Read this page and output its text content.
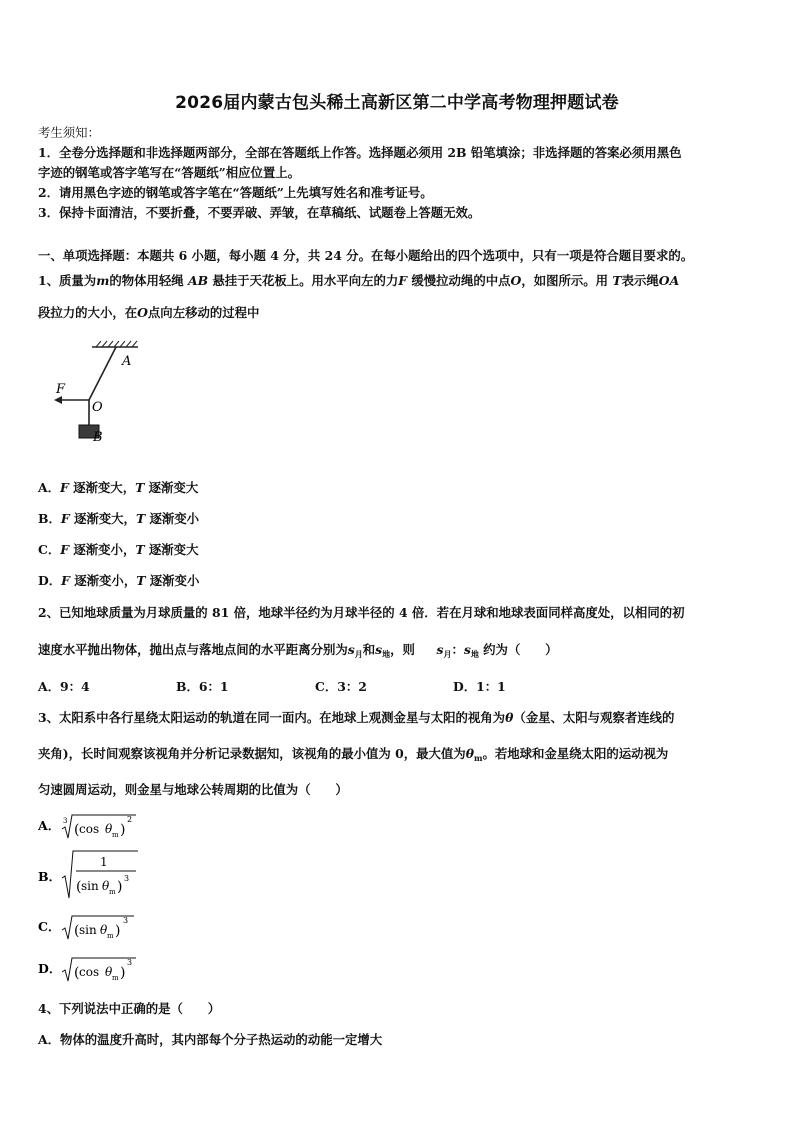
2026届内蒙古包头稀土高新区第二中学高考物理押题试卷
考生须知：
1．全卷分选择题和非选择题两部分，全部在答题纸上作答。选择题必须用 2B 铅笔填涂；非选择题的答案必须用黑色
字迹的钢笔或答字笔写在“答题纸”相应位置上。
2．请用黑色字迹的钢笔或答字笔在“答题纸”上先填写姓名和准考证号。
3．保持卡面清洁，不要折叠，不要弄破、弄皱，在草稿纸、试题卷上答题无效。
一、单项选择题：本题共 6 小题，每小题 4 分，共 24 分。在每小题给出的四个选项中，只有一项是符合题目要求的。
1、质量为m的物体用轻绳 AB 悬挂于天花板上。用水平向左的力F 缓慢拉动绳的中点O，如图所示。用 T表示绳OA
段拉力的大小，在O点向左移动的过程中
A
F
O
B
A．F 逐渐变大，T 逐渐变大
B．F 逐渐变大，T 逐渐变小
C．F 逐渐变小，T 逐渐变大
D．F 逐渐变小，T 逐渐变小
2、已知地球质量为月球质量的 81 倍，地球半径约为月球半径的 4 倍．若在月球和地球表面同样高度处，以相同的初
速度水平抛出物体，抛出点与落地点间的水平距离分别为$s_月$和$s_地$，则 $s_月$：$s_地$ 约为（　　）
A．9：4	B．6：1	C．3：2	D．1：1
3、太阳系中各行星绕太阳运动的轨道在同一面内。在地球上观测金星与太阳的视角为θ（金星、太阳与观察者连线的
夹角)，长时间观察该视角并分析记录数据知，该视角的最小值为 0，最大值为$\theta_m$。若地球和金星绕太阳的运动视为
匀速圆周运动，则金星与地球公转周期的比值为（　　）
A． 3
( cos θ m )
2
B．
1
( sin θ m )
3
C． ( sin θ m )
3
D． ( cos θ m )
3
4、下列说法中正确的是（　　）
A．物体的温度升高时，其内部每个分子热运动的动能一定增大
